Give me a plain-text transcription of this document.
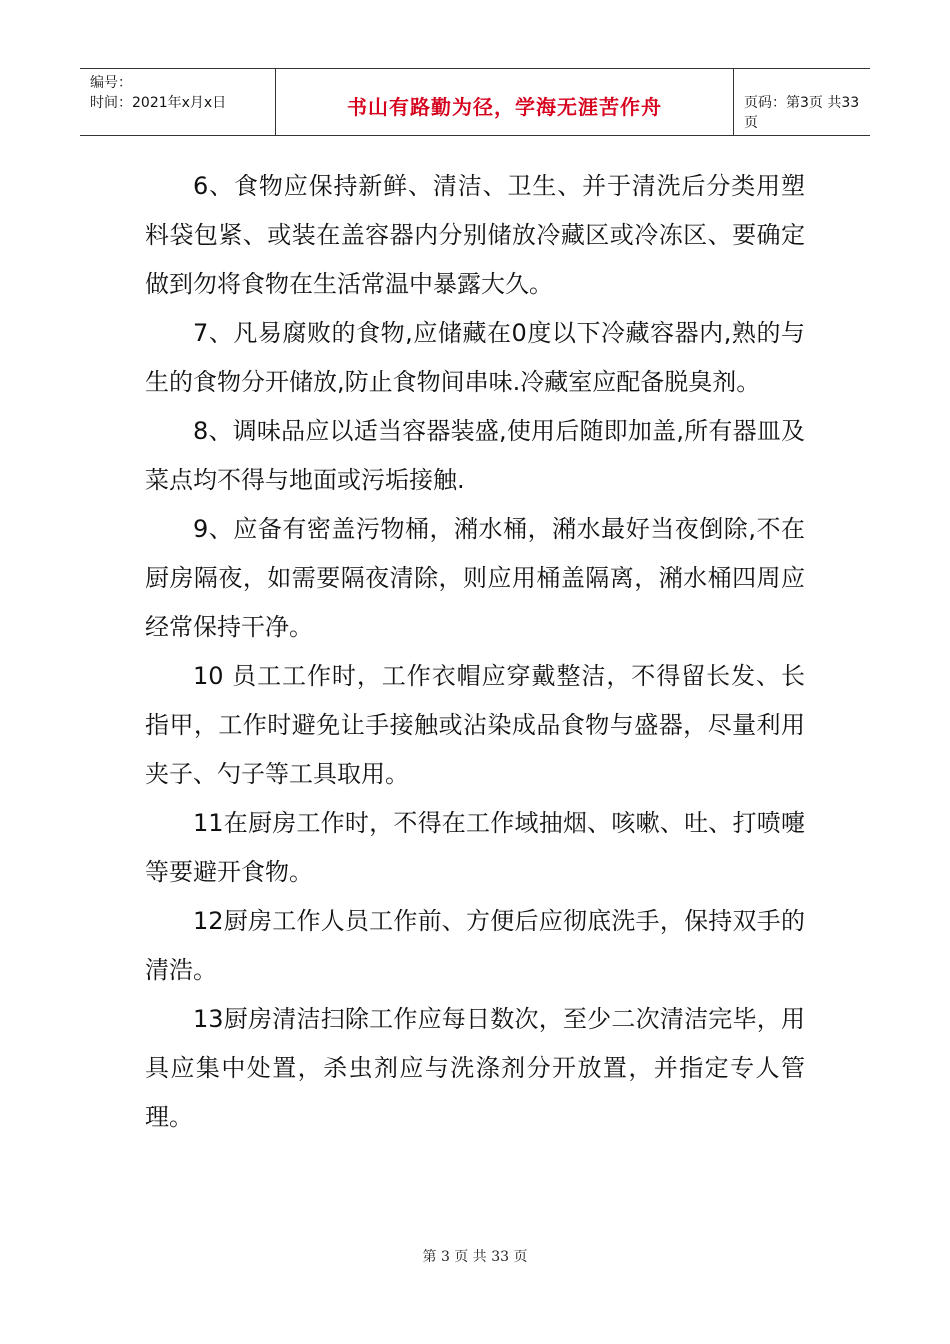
编号：
时间：2021年x月x日	书山有路勤为径，学海无涯苦作舟	页码：第3页 共33页

6、食物应保持新鲜、清洁、卫生、并于清洗后分类用塑料袋包紧、或装在盖容器内分别储放冷藏区或冷冻区、要确定做到勿将食物在生活常温中暴露大久。

7、凡易腐败的食物,应储藏在0度以下冷藏容器内,熟的与生的食物分开储放,防止食物间串味.冷藏室应配备脱臭剂。

8、调味品应以适当容器装盛,使用后随即加盖,所有器皿及菜点均不得与地面或污垢接触.

9、应备有密盖污物桶，潲水桶，潲水最好当夜倒除,不在厨房隔夜，如需要隔夜清除，则应用桶盖隔离，潲水桶四周应经常保持干净。

10 员工工作时，工作衣帽应穿戴整洁，不得留长发、长指甲，工作时避免让手接触或沾染成品食物与盛器，尽量利用夹子、勺子等工具取用。

11在厨房工作时，不得在工作域抽烟、咳嗽、吐、打喷嚏等要避开食物。

12厨房工作人员工作前、方便后应彻底洗手，保持双手的清浩。

13厨房清洁扫除工作应每日数次，至少二次清洁完毕，用具应集中处置，杀虫剂应与洗涤剂分开放置，并指定专人管理。

第 3 页 共 33 页
